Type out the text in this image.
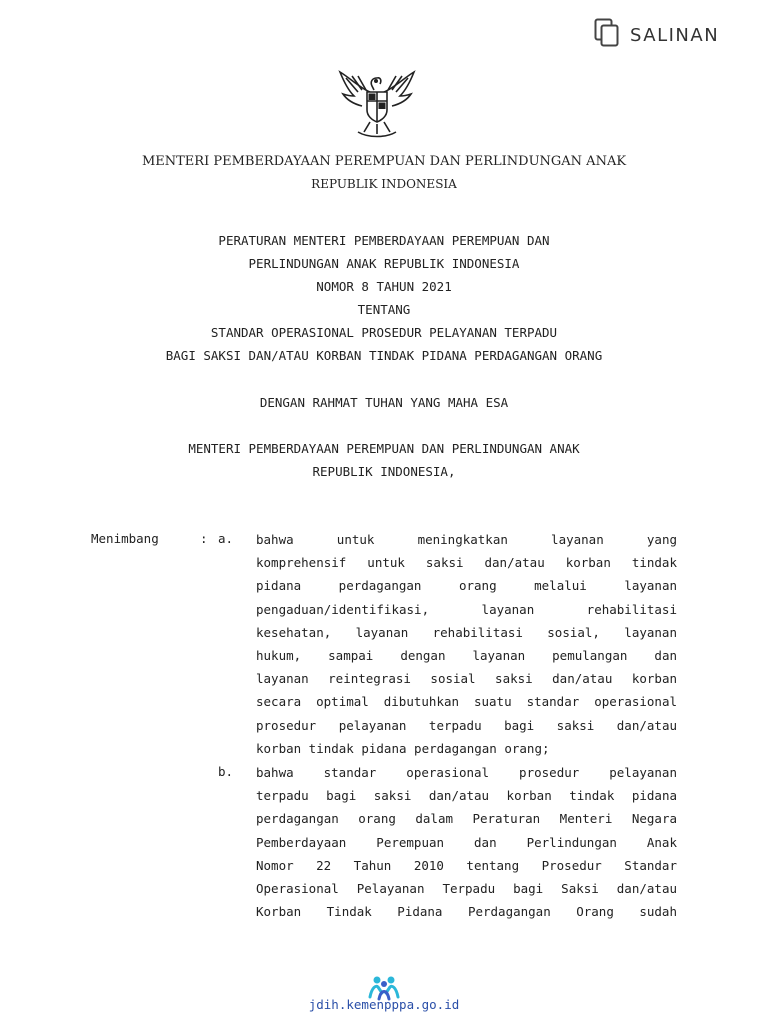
SALINAN
MENTERI PEMBERDAYAAN PEREMPUAN DAN PERLINDUNGAN ANAK
REPUBLIK INDONESIA
PERATURAN MENTERI PEMBERDAYAAN PEREMPUAN DAN
PERLINDUNGAN ANAK REPUBLIK INDONESIA
NOMOR 8 TAHUN 2021
TENTANG
STANDAR OPERASIONAL PROSEDUR PELAYANAN TERPADU
BAGI SAKSI DAN/ATAU KORBAN TINDAK PIDANA PERDAGANGAN ORANG
DENGAN RAHMAT TUHAN YANG MAHA ESA
MENTERI PEMBERDAYAAN PEREMPUAN DAN PERLINDUNGAN ANAK
REPUBLIK INDONESIA,
Menimbang	: a. bahwa untuk meningkatkan layanan yang
komprehensif untuk saksi dan/atau korban tindak
pidana perdagangan orang melalui layanan
pengaduan/identifikasi, layanan rehabilitasi
kesehatan, layanan rehabilitasi sosial, layanan
hukum, sampai dengan layanan pemulangan dan
layanan reintegrasi sosial saksi dan/atau korban
secara optimal dibutuhkan suatu standar operasional
prosedur pelayanan terpadu bagi saksi dan/atau
korban tindak pidana perdagangan orang;
b. bahwa standar operasional prosedur pelayanan
terpadu bagi saksi dan/atau korban tindak pidana
perdagangan orang dalam Peraturan Menteri Negara
Pemberdayaan Perempuan dan Perlindungan Anak
Nomor 22 Tahun 2010 tentang Prosedur Standar
Operasional Pelayanan Terpadu bagi Saksi dan/atau
Korban Tindak Pidana Perdagangan Orang sudah
jdih.kemenpppa.go.id
